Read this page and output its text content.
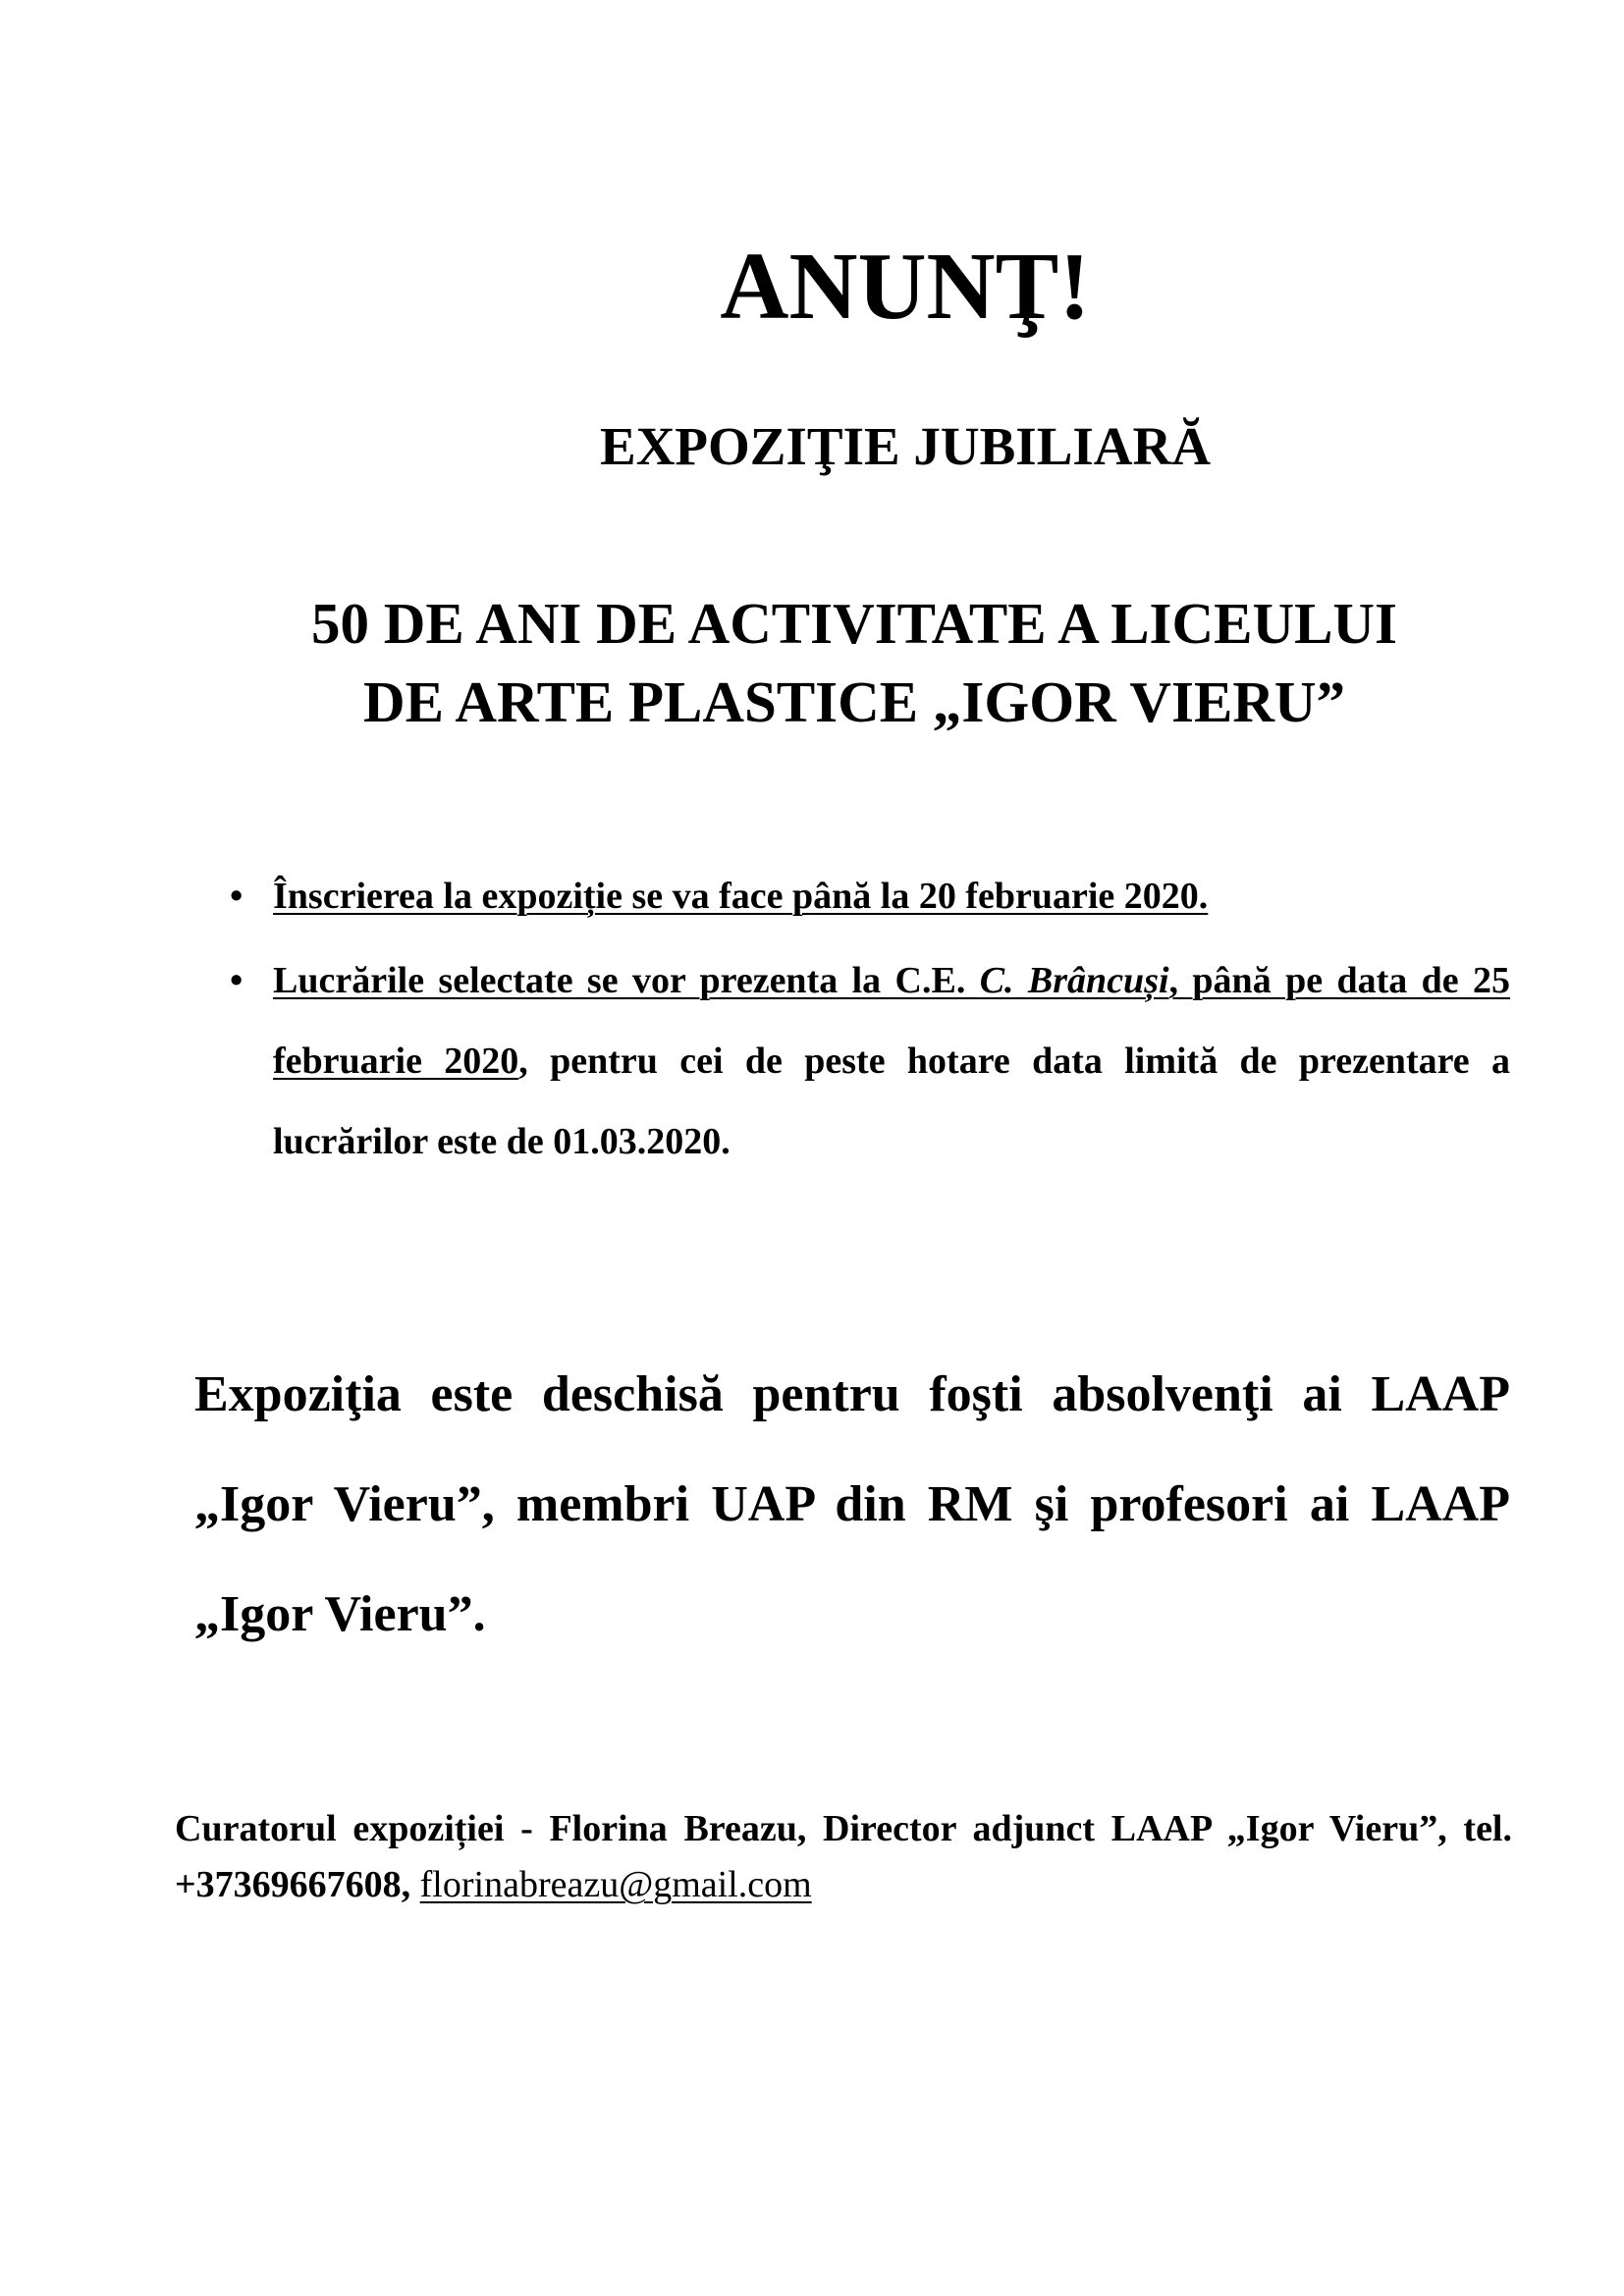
ANUNŢ!
EXPOZIŢIE JUBILIARĂ
50 DE ANI DE ACTIVITATE A LICEULUI
DE ARTE PLASTICE „IGOR VIERU”
• Înscrierea la expoziție se va face până la 20 februarie 2020.
• Lucrările selectate se vor prezenta la C.E. C. Brâncuși, până pe data de 25 februarie 2020, pentru cei de peste hotare data limită de prezentare a lucrărilor este de 01.03.2020.
Expoziţia este deschisă pentru foşti absolvenţi ai LAAP „Igor Vieru”, membri UAP din RM şi profesori ai LAAP „Igor Vieru”.
Curatorul expoziției - Florina Breazu, Director adjunct LAAP „Igor Vieru”, tel. +37369667608, florinabreazu@gmail.com
